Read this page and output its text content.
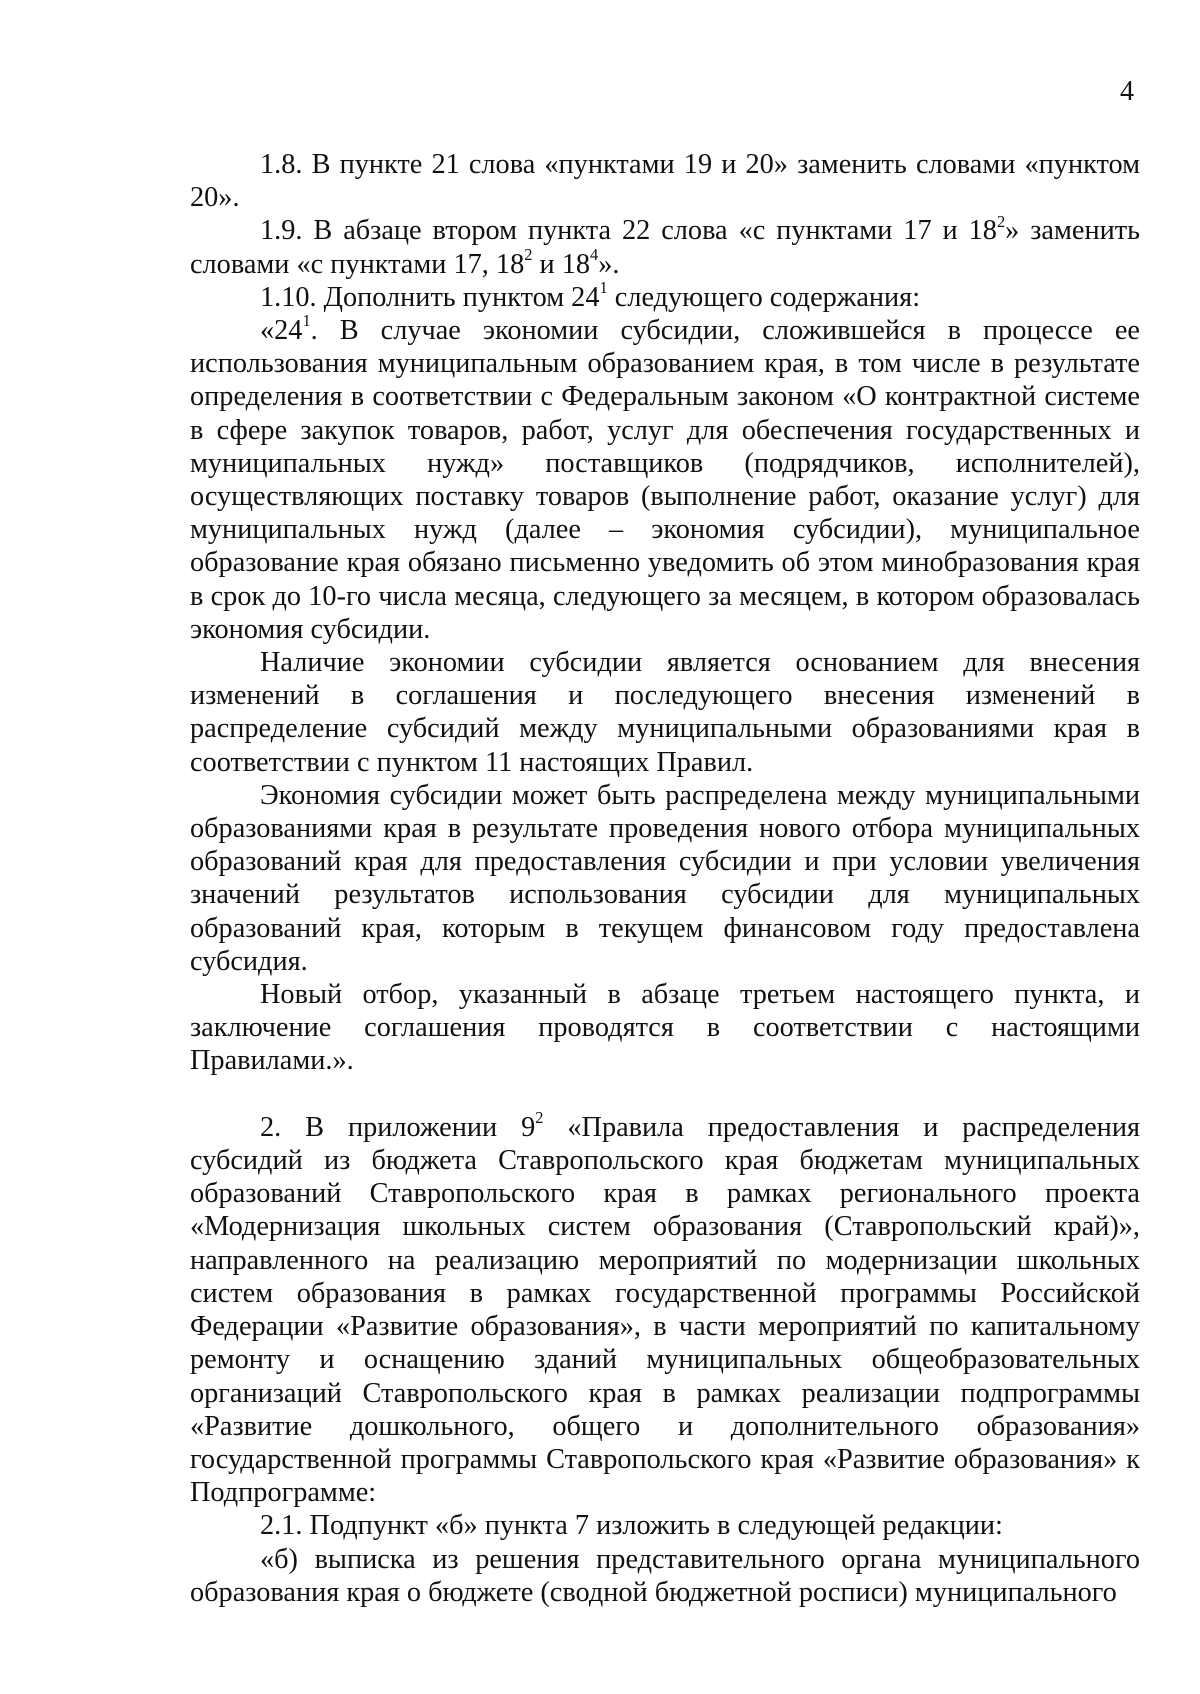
4

1.8. В пункте 21 слова «пунктами 19 и 20» заменить словами «пунктом 20».

1.9. В абзаце втором пункта 22 слова «с пунктами 17 и $18^2$» заменить словами «с пунктами 17, $18^2$ и $18^4$».

1.10. Дополнить пунктом $24^1$ следующего содержания:

«$24^1$. В случае экономии субсидии, сложившейся в процессе ее использования муниципальным образованием края, в том числе в результате определения в соответствии с Федеральным законом «О контрактной системе в сфере закупок товаров, работ, услуг для обеспечения государственных и муниципальных нужд» поставщиков (подрядчиков, исполнителей), осуществляющих поставку товаров (выполнение работ, оказание услуг) для муниципальных нужд (далее – экономия субсидии), муниципальное образование края обязано письменно уведомить об этом минобразования края в срок до 10-го числа месяца, следующего за месяцем, в котором образовалась экономия субсидии.

Наличие экономии субсидии является основанием для внесения изменений в соглашения и последующего внесения изменений в распределение субсидий между муниципальными образованиями края в соответствии с пунктом 11 настоящих Правил.

Экономия субсидии может быть распределена между муниципальными образованиями края в результате проведения нового отбора муниципальных образований края для предоставления субсидии и при условии увеличения значений результатов использования субсидии для муниципальных образований края, которым в текущем финансовом году предоставлена субсидия.

Новый отбор, указанный в абзаце третьем настоящего пункта, и заключение соглашения проводятся в соответствии с настоящими Правилами.».

2. В приложении $9^2$ «Правила предоставления и распределения субсидий из бюджета Ставропольского края бюджетам муниципальных образований Ставропольского края в рамках регионального проекта «Модернизация школьных систем образования (Ставропольский край)», направленного на реализацию мероприятий по модернизации школьных систем образования в рамках государственной программы Российской Федерации «Развитие образования», в части мероприятий по капитальному ремонту и оснащению зданий муниципальных общеобразовательных организаций Ставропольского края в рамках реализации подпрограммы «Развитие дошкольного, общего и дополнительного образования» государственной программы Ставропольского края «Развитие образования» к Подпрограмме:

2.1. Подпункт «б» пункта 7 изложить в следующей редакции:

«б) выписка из решения представительного органа муниципального образования края о бюджете (сводной бюджетной росписи) муниципального
